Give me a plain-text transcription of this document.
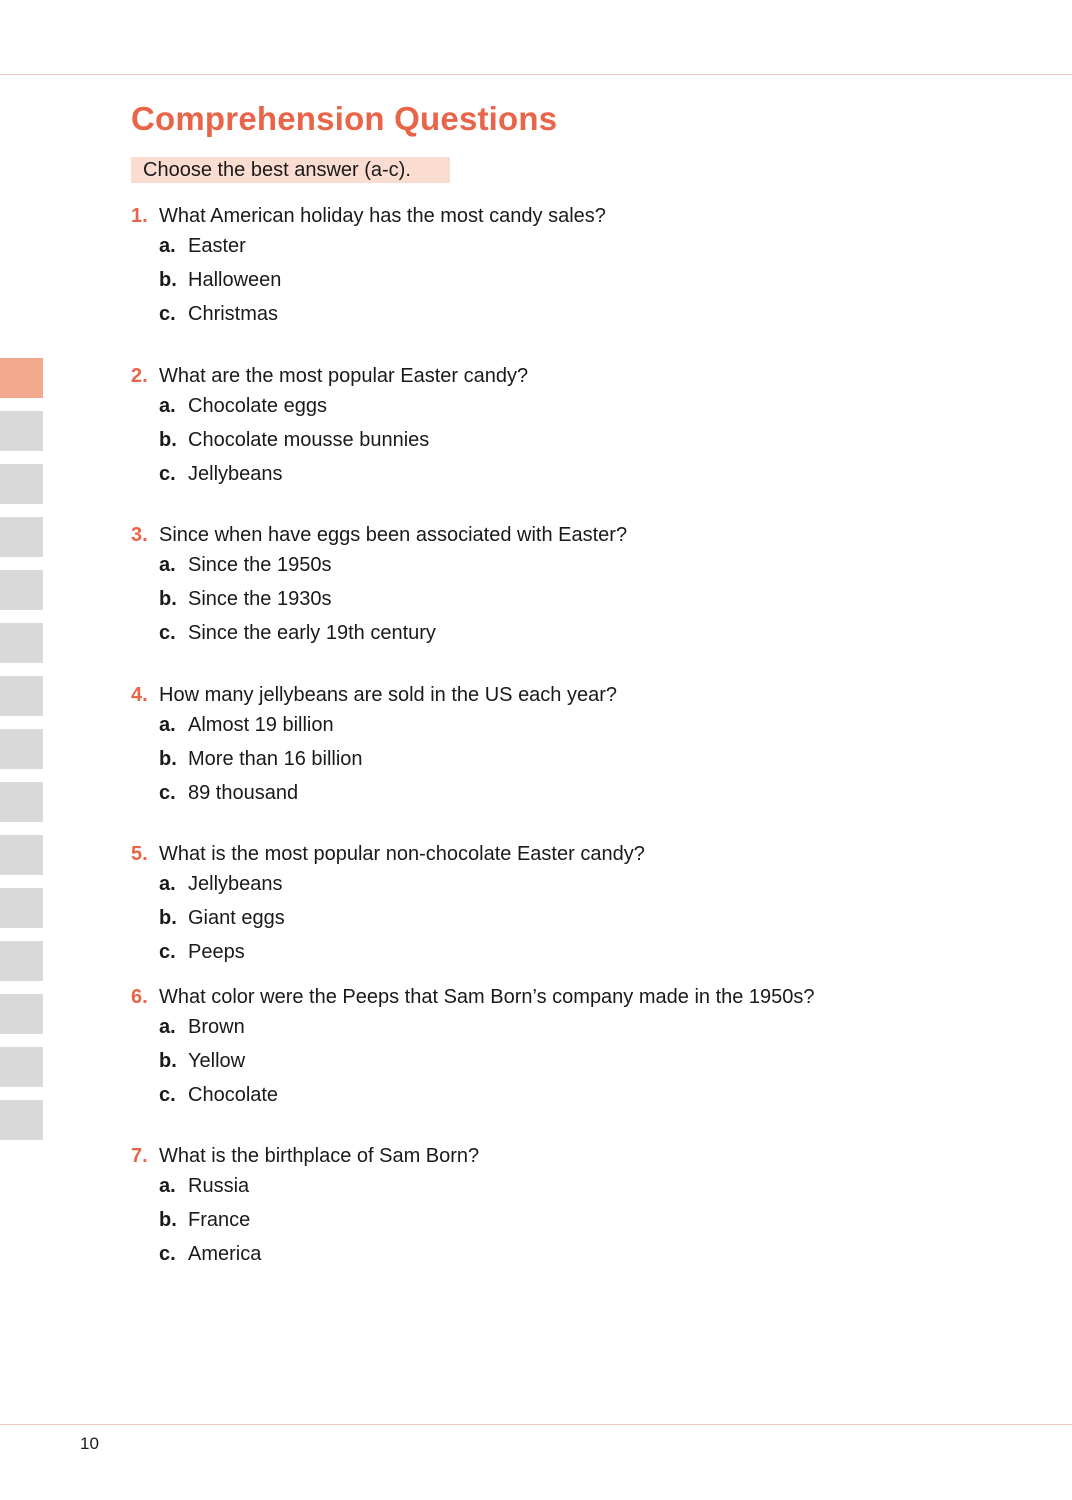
Comprehension Questions
Choose the best answer (a-c).
1. What American holiday has the most candy sales?
a. Easter
b. Halloween
c. Christmas
2. What are the most popular Easter candy?
a. Chocolate eggs
b. Chocolate mousse bunnies
c. Jellybeans
3. Since when have eggs been associated with Easter?
a. Since the 1950s
b. Since the 1930s
c. Since the early 19th century
4. How many jellybeans are sold in the US each year?
a. Almost 19 billion
b. More than 16 billion
c. 89 thousand
5. What is the most popular non-chocolate Easter candy?
a. Jellybeans
b. Giant eggs
c. Peeps
6. What color were the Peeps that Sam Born’s company made in the 1950s?
a. Brown
b. Yellow
c. Chocolate
7. What is the birthplace of Sam Born?
a. Russia
b. France
c. America
10
